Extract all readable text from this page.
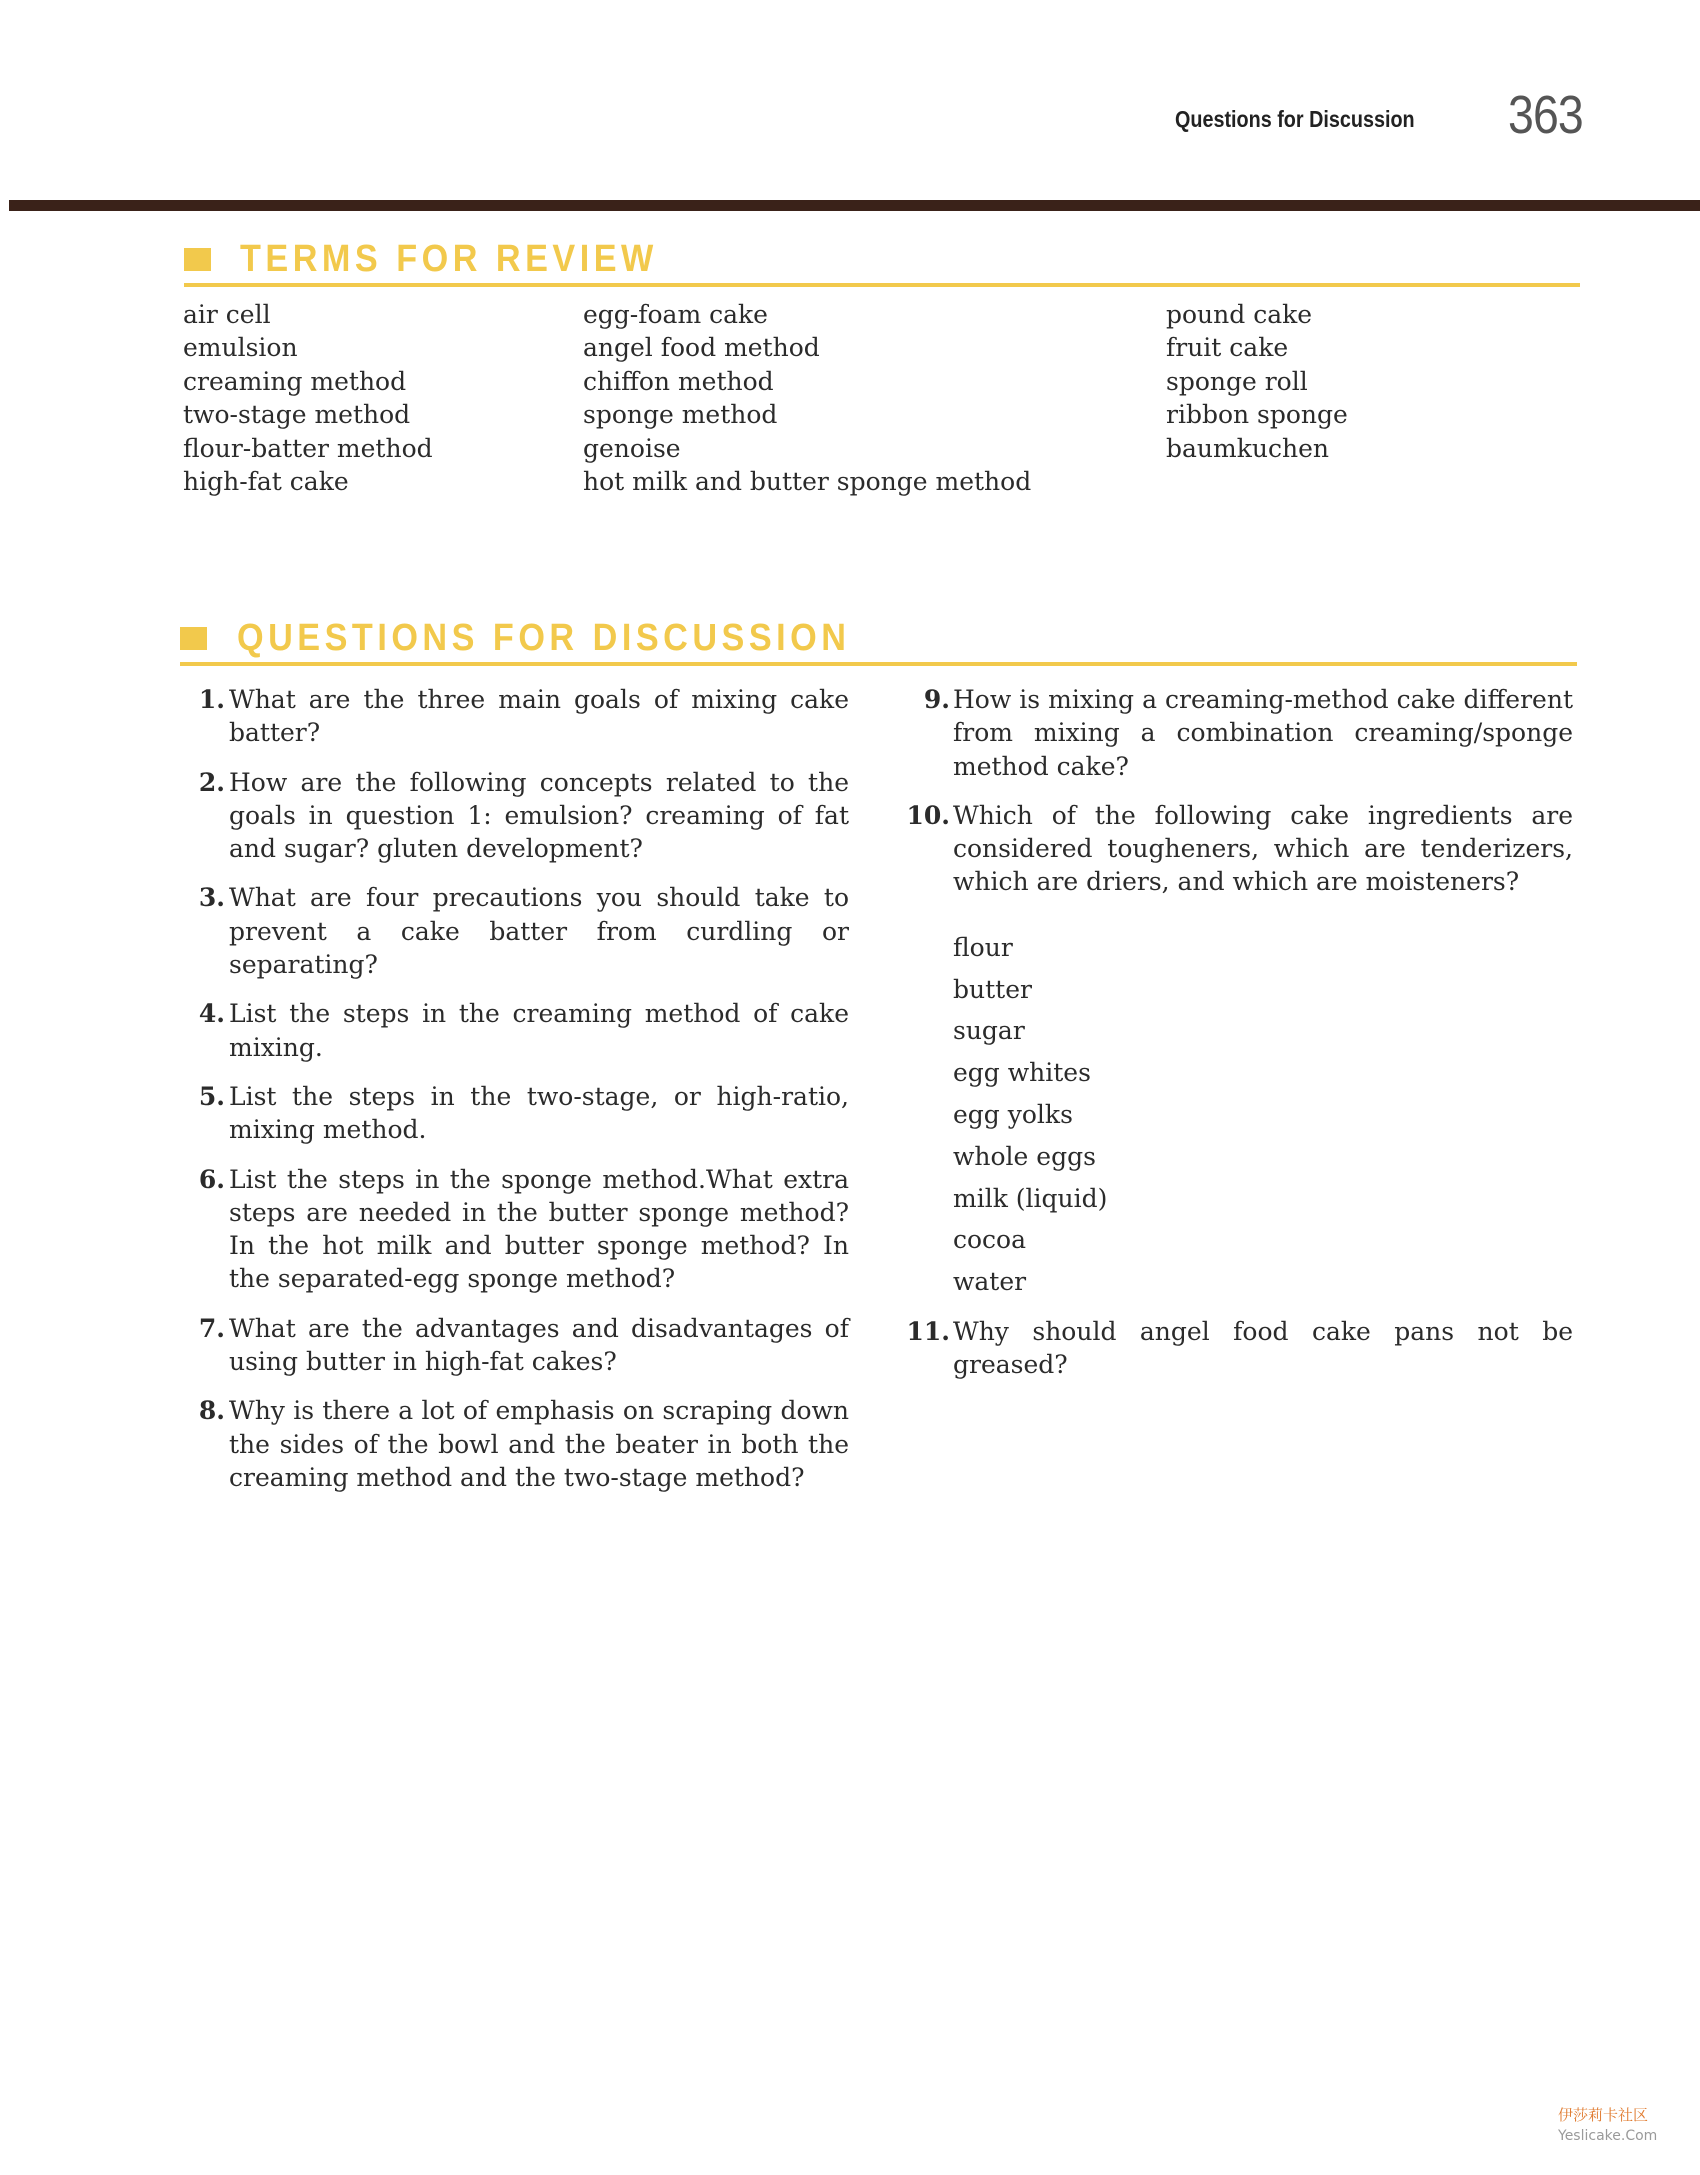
Questions for Discussion 363
TERMS FOR REVIEW
air cell
emulsion
creaming method
two-stage method
flour-batter method
high-fat cake
egg-foam cake
angel food method
chiffon method
sponge method
genoise
hot milk and butter sponge method
pound cake
fruit cake
sponge roll
ribbon sponge
baumkuchen
QUESTIONS FOR DISCUSSION
1. What are the three main goals of mixing cake batter?
2. How are the following concepts related to the goals in question 1: emulsion? creaming of fat and sugar? gluten development?
3. What are four precautions you should take to prevent a cake batter from curdling or separating?
4. List the steps in the creaming method of cake mixing.
5. List the steps in the two-stage, or high-ratio, mixing method.
6. List the steps in the sponge method.What extra steps are needed in the butter sponge method? In the hot milk and butter sponge method? In the separated-egg sponge method?
7. What are the advantages and disadvantages of using butter in high-fat cakes?
8. Why is there a lot of emphasis on scraping down the sides of the bowl and the beater in both the creaming method and the two-stage method?
9. How is mixing a creaming-method cake different from mixing a combination creaming/sponge method cake?
10. Which of the following cake ingredients are considered tougheners, which are tenderizers, which are driers, and which are moisteners?
flour
butter
sugar
egg whites
egg yolks
whole eggs
milk (liquid)
cocoa
water
11. Why should angel food cake pans not be greased?
伊莎莉卡社区
Yeslicake.Com
